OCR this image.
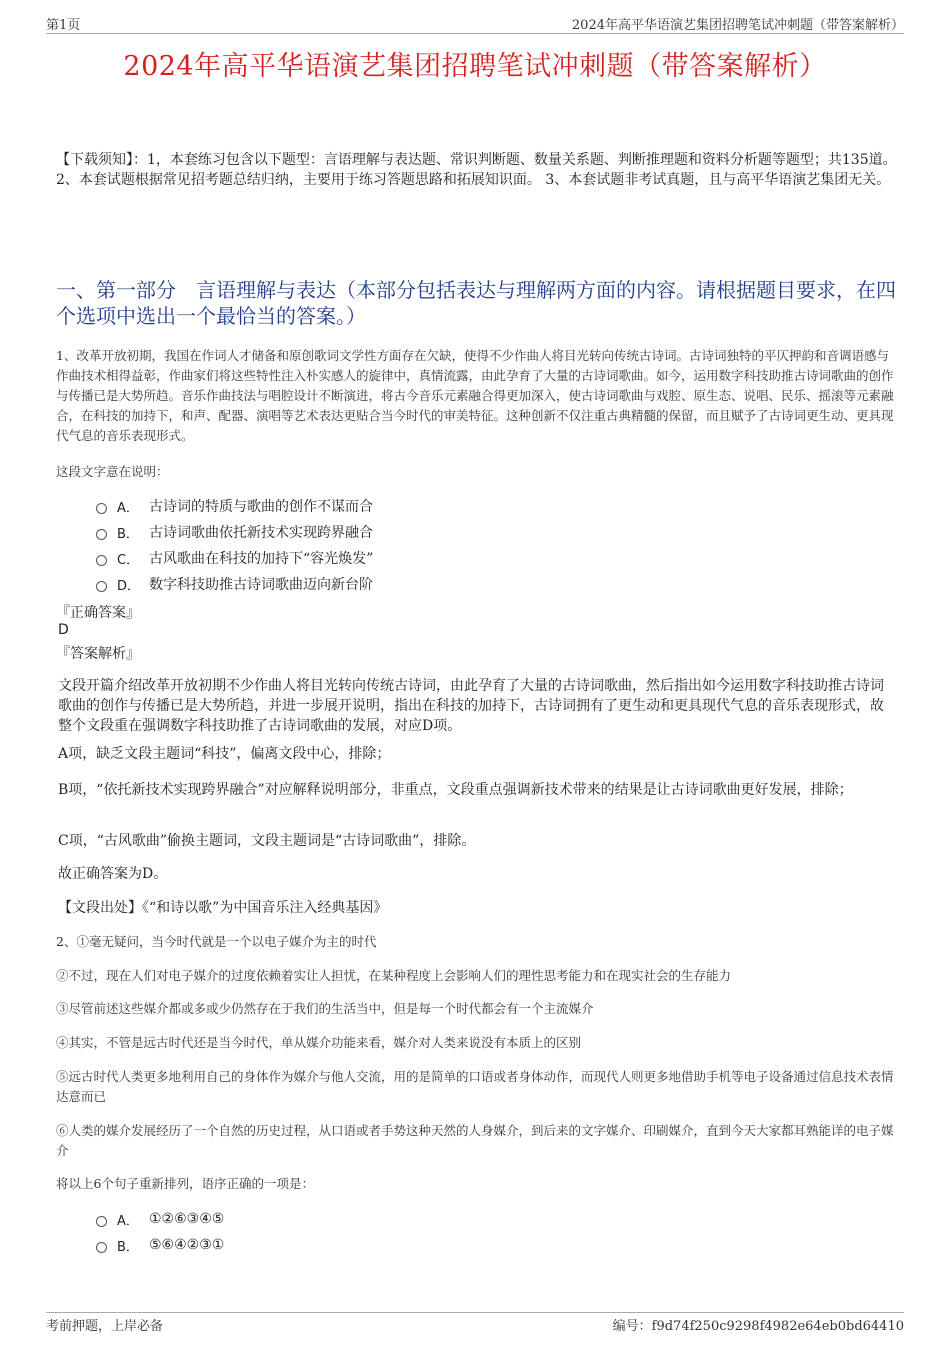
第1页	2024年高平华语演艺集团招聘笔试冲刺题（带答案解析）
2024年高平华语演艺集团招聘笔试冲刺题（带答案解析）
【下载须知】：1，本套练习包含以下题型：言语理解与表达题、常识判断题、数量关系题、判断推理题和资料分析题等题型；共135道。 2、本套试题根据常见招考题总结归纳，主要用于练习答题思路和拓展知识面。 3、本套试题非考试真题，且与高平华语演艺集团无关。
一、第一部分　言语理解与表达（本部分包括表达与理解两方面的内容。请根据题目要求，在四个选项中选出一个最恰当的答案。）
1、改革开放初期，我国在作词人才储备和原创歌词文学性方面存在欠缺，使得不少作曲人将目光转向传统古诗词。古诗词独特的平仄押韵和音调语感与作曲技术相得益彰，作曲家们将这些特性注入朴实感人的旋律中，真情流露，由此孕育了大量的古诗词歌曲。如今，运用数字科技助推古诗词歌曲的创作与传播已是大势所趋。音乐作曲技法与唱腔设计不断演进，将古今音乐元素融合得更加深入，使古诗词歌曲与戏腔、原生态、说唱、民乐、摇滚等元素融合，在科技的加持下，和声、配器、演唱等艺术表达更贴合当今时代的审美特征。这种创新不仅注重古典精髓的保留，而且赋予了古诗词更生动、更具现代气息的音乐表现形式。
这段文字意在说明：
A． 古诗词的特质与歌曲的创作不谋而合
B． 古诗词歌曲依托新技术实现跨界融合
C． 古风歌曲在科技的加持下“容光焕发”
D． 数字科技助推古诗词歌曲迈向新台阶
『正确答案』
D
『答案解析』
文段开篇介绍改革开放初期不少作曲人将目光转向传统古诗词，由此孕育了大量的古诗词歌曲，然后指出如今运用数字科技助推古诗词歌曲的创作与传播已是大势所趋，并进一步展开说明，指出在科技的加持下，古诗词拥有了更生动和更具现代气息的音乐表现形式，故整个文段重在强调数字科技助推了古诗词歌曲的发展，对应D项。
A项，缺乏文段主题词“科技”，偏离文段中心，排除；
B项，“依托新技术实现跨界融合”对应解释说明部分，非重点，文段重点强调新技术带来的结果是让古诗词歌曲更好发展，排除；
C项，“古风歌曲”偷换主题词，文段主题词是“古诗词歌曲”，排除。
故正确答案为D。
【文段出处】《“和诗以歌”为中国音乐注入经典基因》
2、①毫无疑问，当今时代就是一个以电子媒介为主的时代
②不过，现在人们对电子媒介的过度依赖着实让人担忧，在某种程度上会影响人们的理性思考能力和在现实社会的生存能力
③尽管前述这些媒介都或多或少仍然存在于我们的生活当中，但是每一个时代都会有一个主流媒介
④其实，不管是远古时代还是当今时代，单从媒介功能来看，媒介对人类来说没有本质上的区别
⑤远古时代人类更多地利用自己的身体作为媒介与他人交流，用的是简单的口语或者身体动作，而现代人则更多地借助手机等电子设备通过信息技术表情达意而已
⑥人类的媒介发展经历了一个自然的历史过程，从口语或者手势这种天然的人身媒介，到后来的文字媒介、印刷媒介，直到今天大家都耳熟能详的电子媒介
将以上6个句子重新排列，语序正确的一项是：
A． ①②⑥③④⑤
B． ⑤⑥④②③①
考前押题，上岸必备	编号：f9d74f250c9298f4982e64eb0bd64410
